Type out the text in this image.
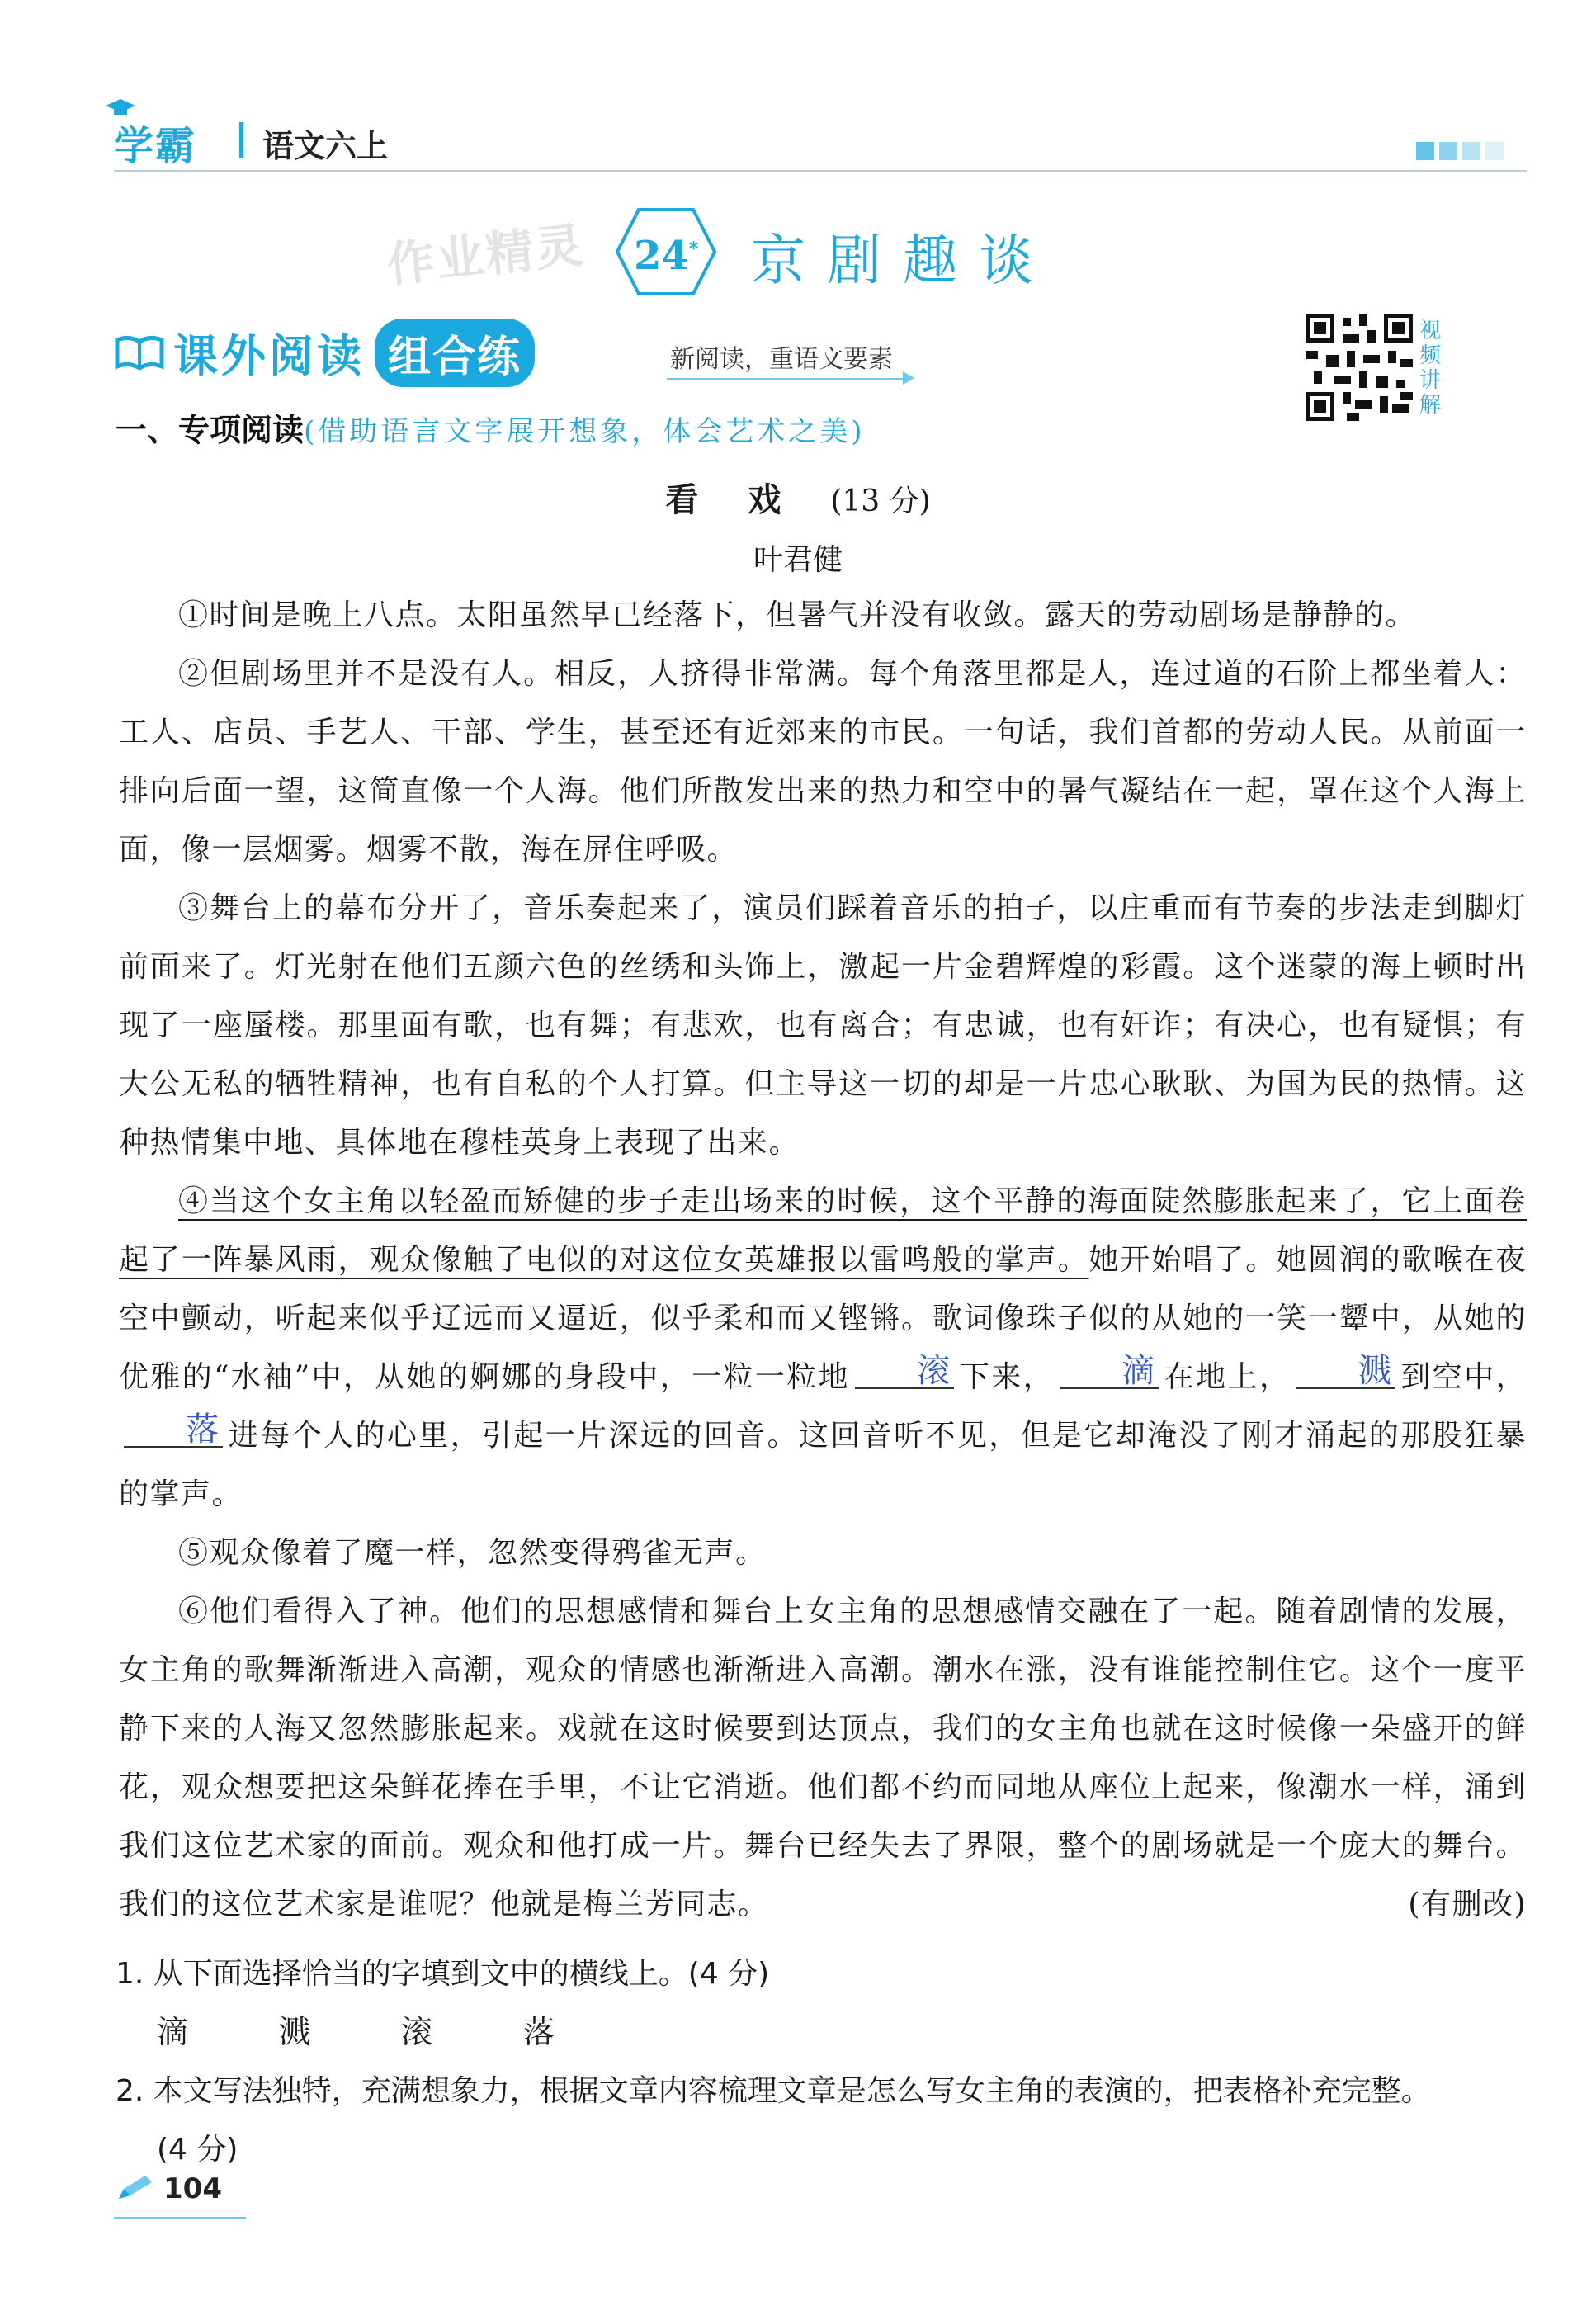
学霸 语文六上
作业精灵 24* 京剧趣谈
课外阅读 组合练	新阅读，重语文要素
视频讲解
一、专项阅读(借助语言文字展开想象，体会艺术之美)
看戏(13 分)
叶君健

①时间是晚上八点。太阳虽然早已经落下，但暑气并没有收敛。露天的劳动剧场是静静的。

②但剧场里并不是没有人。相反，人挤得非常满。每个角落里都是人，连过道的石阶上都坐着人：工人、店员、手艺人、干部、学生，甚至还有近郊来的市民。一句话，我们首都的劳动人民。从前面一排向后面一望，这简直像一个人海。他们所散发出来的热力和空中的暑气凝结在一起，罩在这个人海上面，像一层烟雾。烟雾不散，海在屏住呼吸。

③舞台上的幕布分开了，音乐奏起来了，演员们踩着音乐的拍子，以庄重而有节奏的步法走到脚灯前面来了。灯光射在他们五颜六色的丝绣和头饰上，激起一片金碧辉煌的彩霞。这个迷蒙的海上顿时出现了一座蜃楼。那里面有歌，也有舞；有悲欢，也有离合；有忠诚，也有奸诈；有决心，也有疑惧；有大公无私的牺牲精神，也有自私的个人打算。但主导这一切的却是一片忠心耿耿、为国为民的热情。这种热情集中地、具体地在穆桂英身上表现了出来。

④当这个女主角以轻盈而矫健的步子走出场来的时候，这个平静的海面陡然膨胀起来了，它上面卷起了一阵暴风雨，观众像触了电似的对这位女英雄报以雷鸣般的掌声。她开始唱了。她圆润的歌喉在夜空中颤动，听起来似乎辽远而又逼近，似乎柔和而又铿锵。歌词像珠子似的从她的一笑一颦中，从她的优雅的“水袖”中，从她的婀娜的身段中，一粒一粒地 滚 下来， 滴 在地上， 溅 到空中，落 进每个人的心里，引起一片深远的回音。这回音听不见，但是它却淹没了刚才涌起的那股狂暴的掌声。

⑤观众像着了魔一样，忽然变得鸦雀无声。

⑥他们看得入了神。他们的思想感情和舞台上女主角的思想感情交融在了一起。随着剧情的发展，女主角的歌舞渐渐进入高潮，观众的情感也渐渐进入高潮。潮水在涨，没有谁能控制住它。这个一度平静下来的人海又忽然膨胀起来。戏就在这时候要到达顶点，我们的女主角也就在这时候像一朵盛开的鲜花，观众想要把这朵鲜花捧在手里，不让它消逝。他们都不约而同地从座位上起来，像潮水一样，涌到我们这位艺术家的面前。观众和他打成一片。舞台已经失去了界限，整个的剧场就是一个庞大的舞台。我们的这位艺术家是谁呢？他就是梅兰芳同志。	(有删改)

1. 从下面选择恰当的字填到文中的横线上。(4 分)

滴	溅	滚	落

2. 本文写法独特，充满想象力，根据文章内容梳理文章是怎么写女主角的表演的，把表格补充完整。

(4 分)

104
